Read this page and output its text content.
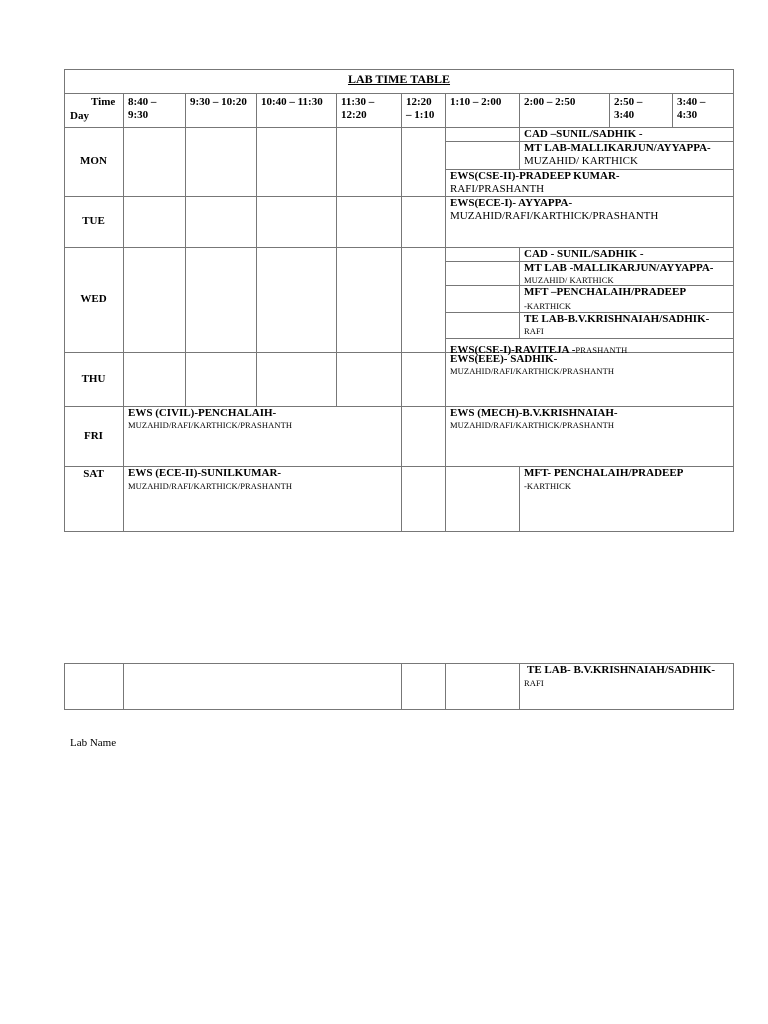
LAB TIME TABLE
Time
Day
8:40 –
9:30
9:30 – 10:20 10:40 – 11:30 11:30 –
12:20
12:20
– 1:10
1:10 – 2:00 2:00 – 2:50	2:50 –
3:40
3:40 –
4:30
MON
TUE
WED
THU
FRI
SAT
CAD –SUNIL/SADHIK -
MT LAB-MALLIKARJUN/AYYAPPA-
MUZAHID/ KARTHICK
EWS(CSE-II)-PRADEEP KUMAR-
RAFI/PRASHANTH
EWS(ECE-I)- AYYAPPA-
MUZAHID/RAFI/KARTHICK/PRASHANTH
CAD - SUNIL/SADHIK -
MT LAB -MALLIKARJUN/AYYAPPA-
MUZAHID/ KARTHICK
MFT –PENCHALAIH/PRADEEP
-KARTHICK
TE LAB-B.V.KRISHNAIAH/SADHIK-
RAFI
EWS(CSE-I)-RAVITEJA -PRASHANTH
EWS(EEE)- SADHIK-
MUZAHID/RAFI/KARTHICK/PRASHANTH
EWS (CIVIL)-PENCHALAIH-
MUZAHID/RAFI/KARTHICK/PRASHANTH
EWS (MECH)-B.V.KRISHNAIAH-
MUZAHID/RAFI/KARTHICK/PRASHANTH
EWS (ECE-II)-SUNILKUMAR-
MUZAHID/RAFI/KARTHICK/PRASHANTH
MFT- PENCHALAIH/PRADEEP
-KARTHICK
TE LAB- B.V.KRISHNAIAH/SADHIK-
RAFI
Lab Name
